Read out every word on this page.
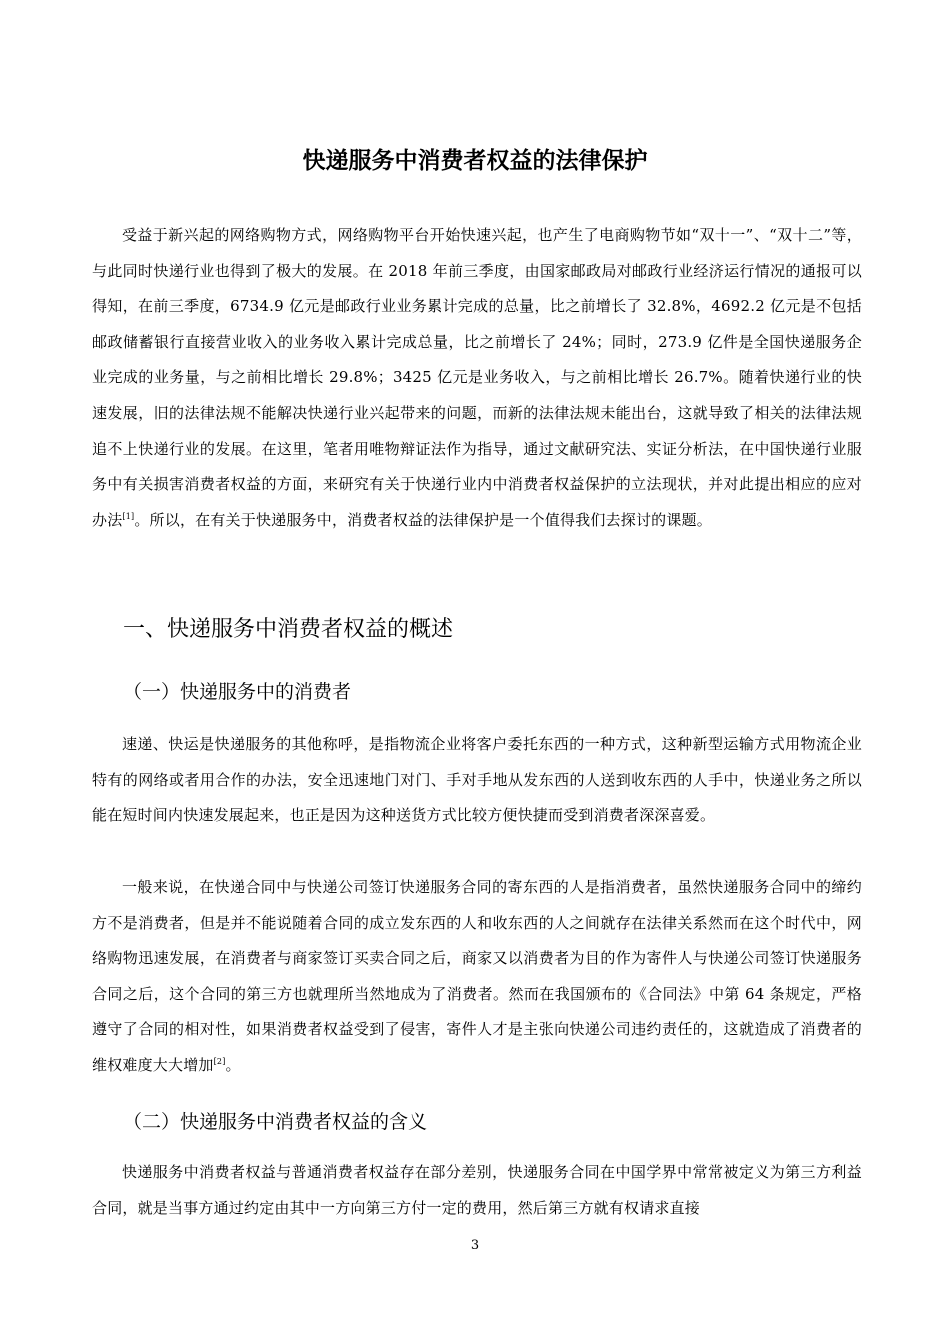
快递服务中消费者权益的法律保护

受益于新兴起的网络购物方式，网络购物平台开始快速兴起，也产生了电商购物节如“双十一”、“双十二”等，与此同时快递行业也得到了极大的发展。在 2018 年前三季度，由国家邮政局对邮政行业经济运行情况的通报可以得知，在前三季度，6734.9 亿元是邮政行业业务累计完成的总量，比之前增长了 32.8%，4692.2 亿元是不包括邮政储蓄银行直接营业收入的业务收入累计完成总量，比之前增长了 24%；同时，273.9 亿件是全国快递服务企业完成的业务量，与之前相比增长 29.8%；3425 亿元是业务收入，与之前相比增长 26.7%。随着快递行业的快速发展，旧的法律法规不能解决快递行业兴起带来的问题，而新的法律法规未能出台，这就导致了相关的法律法规追不上快递行业的发展。在这里，笔者用唯物辩证法作为指导，通过文献研究法、实证分析法，在中国快递行业服务中有关损害消费者权益的方面，来研究有关于快递行业内中消费者权益保护的立法现状，并对此提出相应的应对办法[1]。所以，在有关于快递服务中，消费者权益的法律保护是一个值得我们去探讨的课题。

一、快递服务中消费者权益的概述
（一）快递服务中的消费者

速递、快运是快递服务的其他称呼，是指物流企业将客户委托东西的一种方式，这种新型运输方式用物流企业特有的网络或者用合作的办法，安全迅速地门对门、手对手地从发东西的人送到收东西的人手中，快递业务之所以能在短时间内快速发展起来，也正是因为这种送货方式比较方便快捷而受到消费者深深喜爱。

一般来说，在快递合同中与快递公司签订快递服务合同的寄东西的人是指消费者，虽然快递服务合同中的缔约方不是消费者，但是并不能说随着合同的成立发东西的人和收东西的人之间就存在法律关系然而在这个时代中，网络购物迅速发展，在消费者与商家签订买卖合同之后，商家又以消费者为目的作为寄件人与快递公司签订快递服务合同之后，这个合同的第三方也就理所当然地成为了消费者。然而在我国颁布的《合同法》中第 64 条规定，严格遵守了合同的相对性，如果消费者权益受到了侵害，寄件人才是主张向快递公司违约责任的，这就造成了消费者的维权难度大大增加[2]。

（二）快递服务中消费者权益的含义

快递服务中消费者权益与普通消费者权益存在部分差别，快递服务合同在中国学界中常常被定义为第三方利益合同，就是当事方通过约定由其中一方向第三方付一定的费用，然后第三方就有权请求直接

3
